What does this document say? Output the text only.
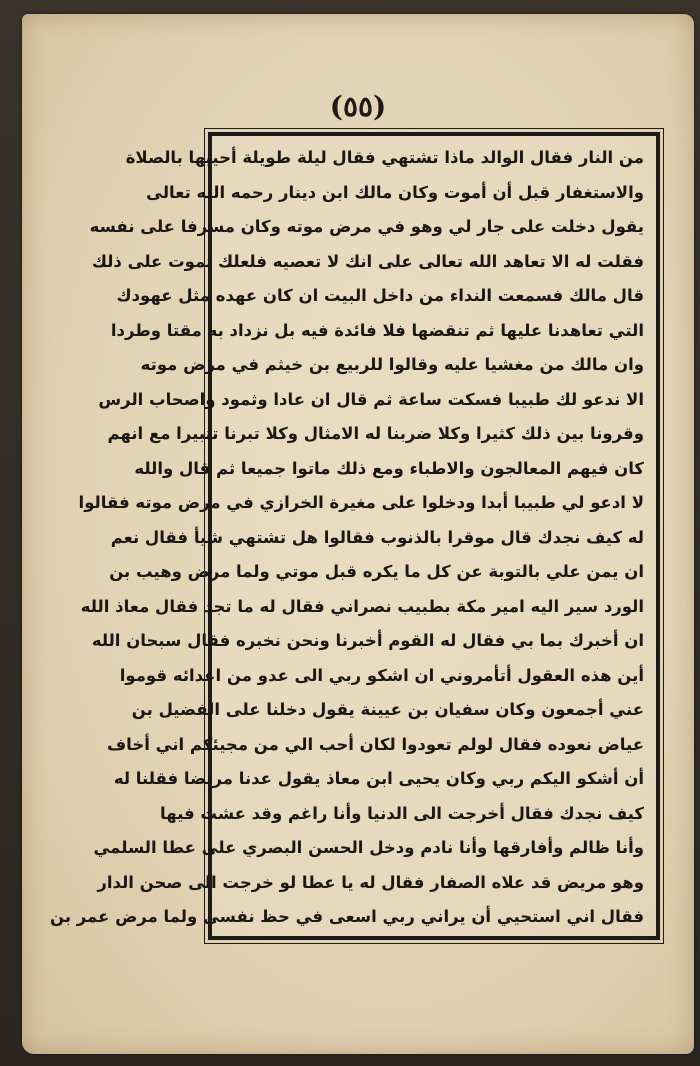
(٥٥)
من النار فقال الوالد ماذا تشتهي فقال ليلة طويلة أحييها بالصلاة
والاستغفار قبل أن أموت وكان مالك ابن دينار رحمه الله تعالى
يقول دخلت على جار لي وهو في مرض موته وكان مسرفا على نفسه
فقلت له الا تعاهد الله تعالى على انك لا تعصيه فلعلك تموت على ذلك
قال مالك فسمعت النداء من داخل البيت ان كان عهده مثل عهودك
التي تعاهدنا عليها ثم تنقضها فلا فائدة فيه بل نزداد به مقتا وطردا
وان مالك من مغشيا عليه وقالوا للربيع بن خيثم في مرض موته
الا ندعو لك طبيبا فسكت ساعة ثم قال ان عادا وثمود واصحاب الرس
وقرونا بين ذلك كثيرا وكلا ضربنا له الامثال وكلا تبرنا تتبيرا مع انهم
كان فيهم المعالجون والاطباء ومع ذلك ماتوا جميعا ثم قال والله
لا ادعو لي طبيبا أبدا ودخلوا على مغيرة الخرازي في مرض موته فقالوا
له كيف نجدك قال موقرا بالذنوب فقالوا هل تشتهي شيأ فقال نعم
ان يمن علي بالتوبة عن كل ما يكره قبل موتي ولما مرض وهيب بن
الورد سير اليه امير مكة بطبيب نصراني فقال له ما تجد فقال معاذ الله
ان أخبرك بما بي فقال له القوم أخبرنا ونحن نخبره فقال سبحان الله
أين هذه العقول أتأمروني ان اشكو ربي الى عدو من اعدائه قوموا
عني أجمعون وكان سفيان بن عيينة يقول دخلنا على الفضيل بن
عياض نعوده فقال لولم تعودوا لكان أحب الي من مجيئكم اني أخاف
أن أشكو اليكم ربي وكان يحيى ابن معاذ يقول عدنا مريضا فقلنا له
كيف نجدك فقال أخرجت الى الدنيا وأنا راغم وقد عشت فيها
وأنا ظالم وأفارقها وأنا نادم ودخل الحسن البصري على عطا السلمي
وهو مريض قد علاه الصفار فقال له يا عطا لو خرجت الى صحن الدار
فقال اني استحيي أن يراني ربي اسعى في حظ نفسي ولما مرض عمر بن
